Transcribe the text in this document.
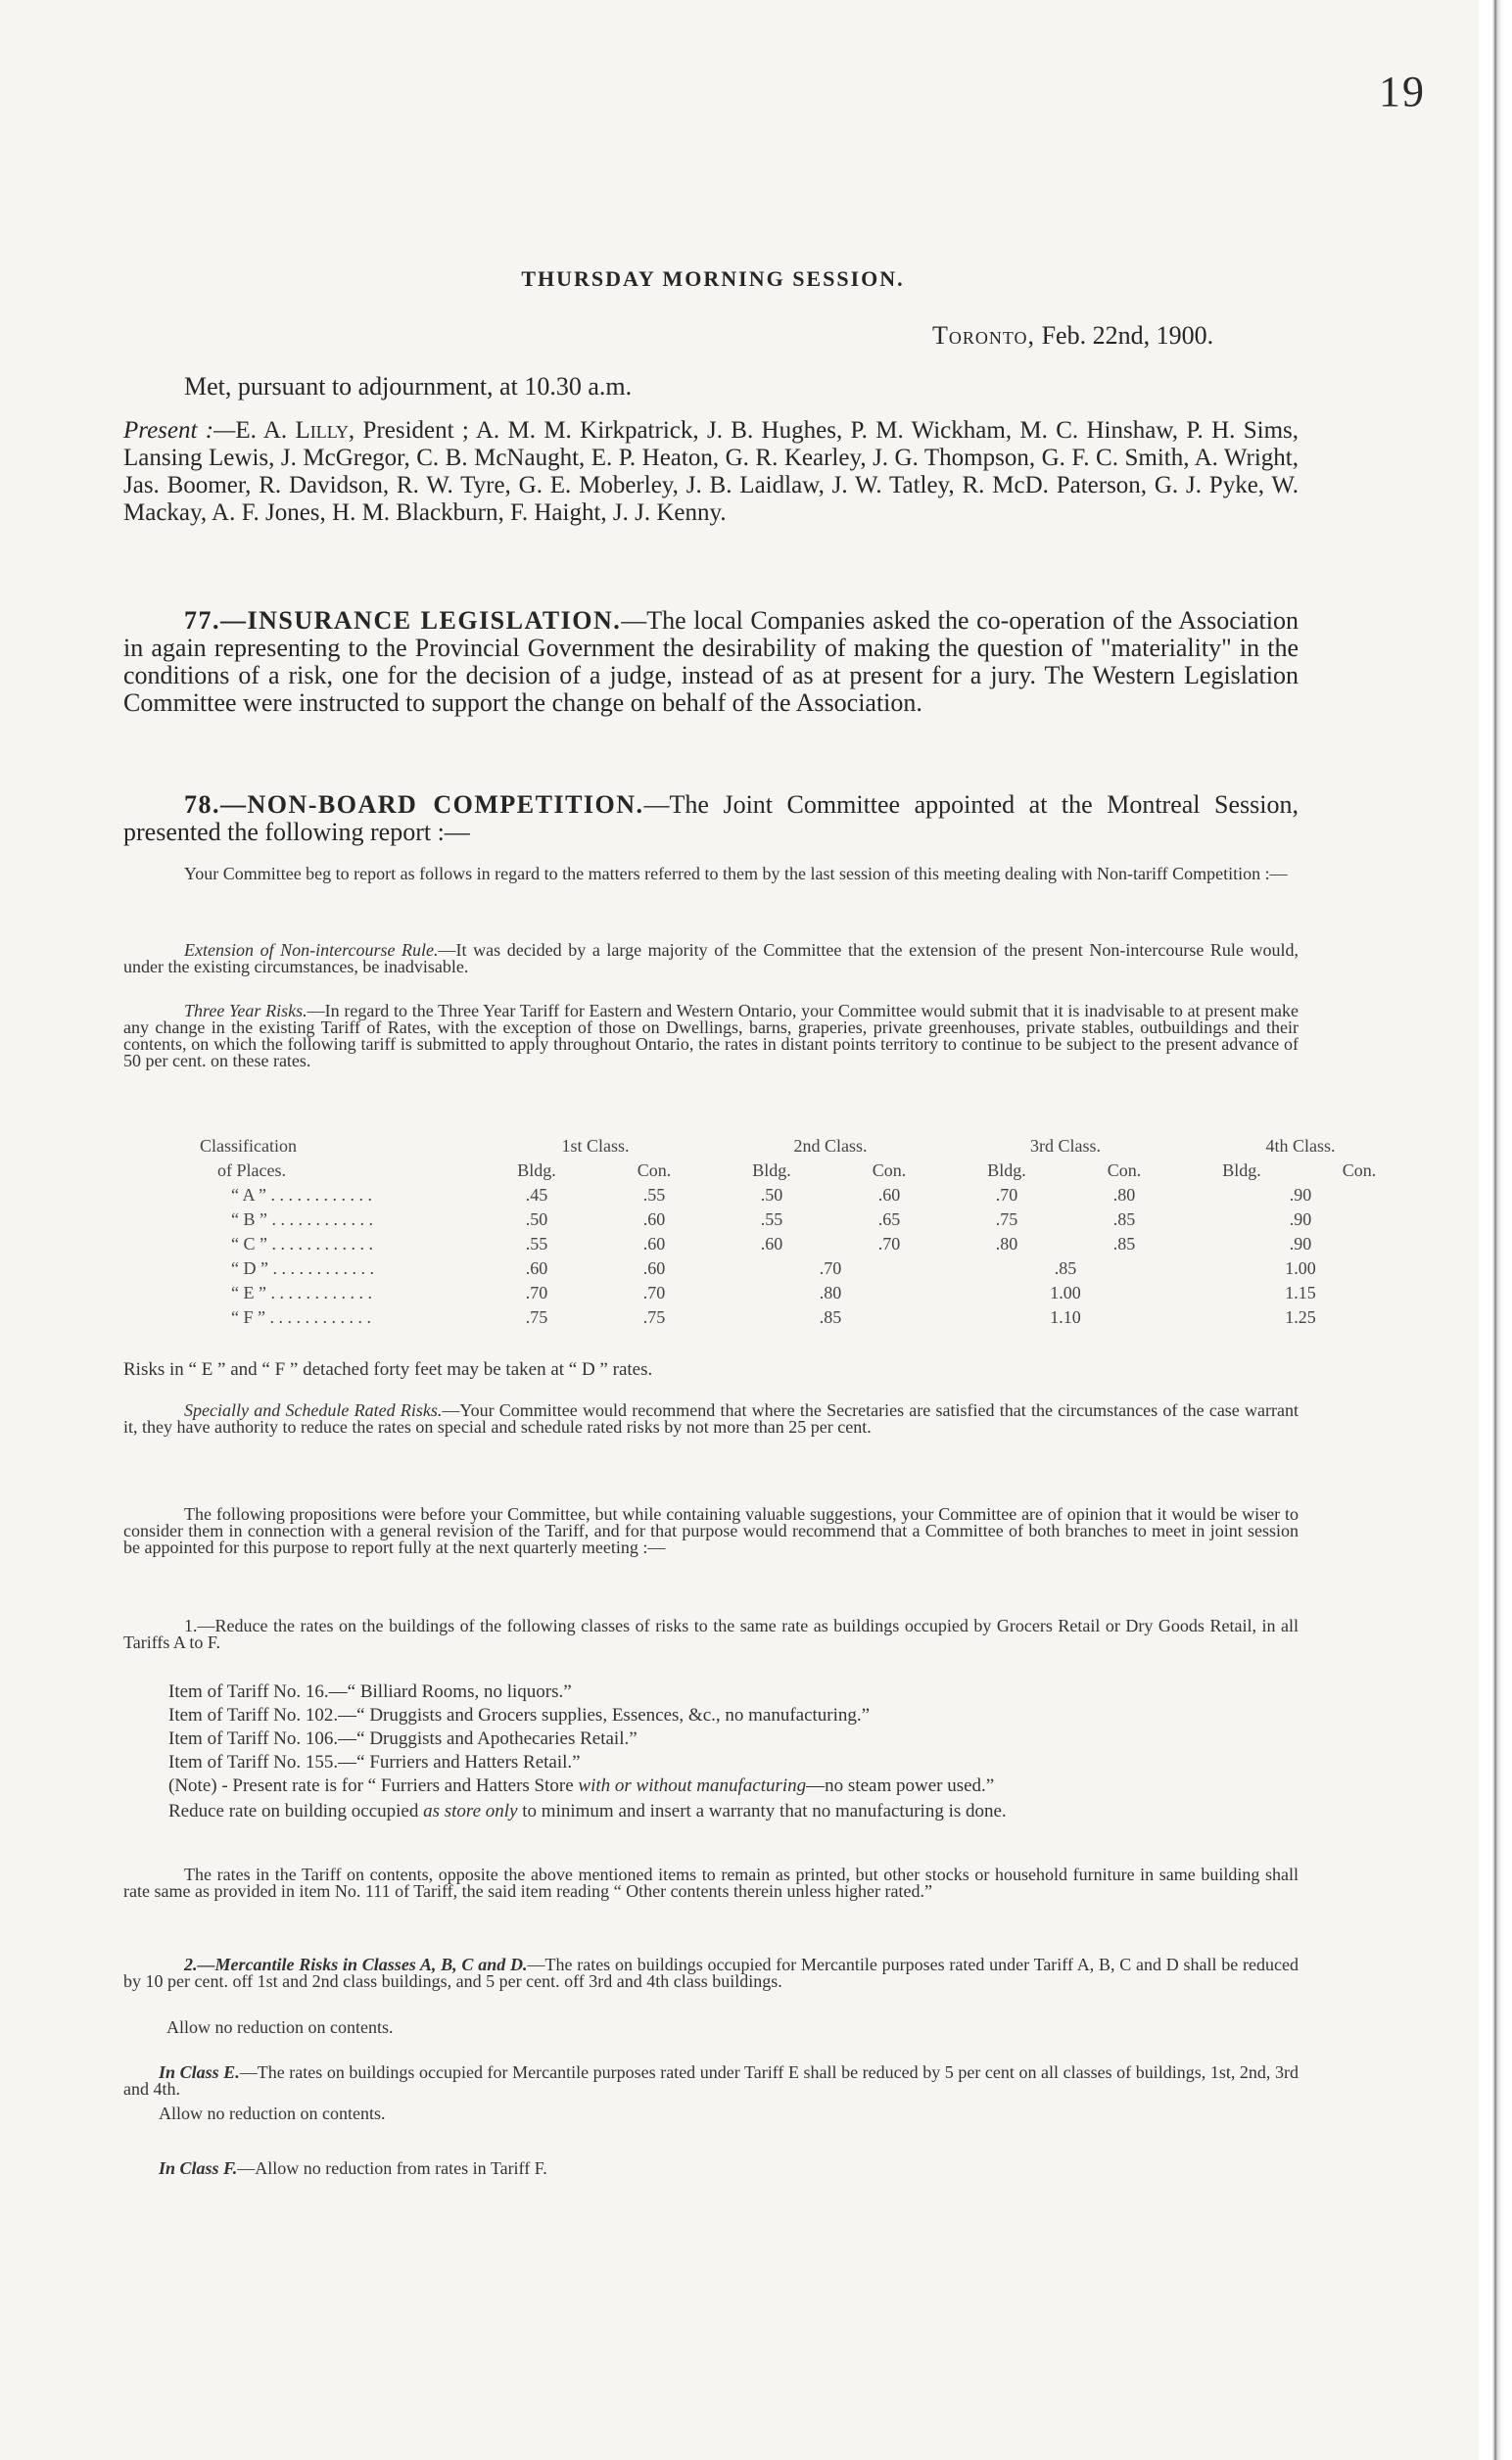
19
THURSDAY MORNING SESSION.
Toronto, Feb. 22nd, 1900.
Met, pursuant to adjournment, at 10.30 a.m.
Present :—E. A. Lilly, President ; A. M. M. Kirkpatrick, J. B. Hughes, P. M. Wickham, M. C. Hinshaw, P. H. Sims, Lansing Lewis, J. McGregor, C. B. McNaught, E. P. Heaton, G. R. Kearley, J. G. Thompson, G. F. C. Smith, A. Wright, Jas. Boomer, R. Davidson, R. W. Tyre, G. E. Moberley, J. B. Laidlaw, J. W. Tatley, R. McD. Paterson, G. J. Pyke, W. Mackay, A. F. Jones, H. M. Blackburn, F. Haight, J. J. Kenny.
77.—INSURANCE LEGISLATION.—The local Companies asked the co-operation of the Association in again representing to the Provincial Government the desirability of making the question of "materiality" in the conditions of a risk, one for the decision of a judge, instead of as at present for a jury. The Western Legislation Committee were instructed to support the change on behalf of the Association.
78.—NON-BOARD COMPETITION.—The Joint Committee appointed at the Montreal Session, presented the following report :—
Your Committee beg to report as follows in regard to the matters referred to them by the last session of this meeting dealing with Non-tariff Competition :—
Extension of Non-intercourse Rule.—It was decided by a large majority of the Committee that the extension of the present Non-intercourse Rule would, under the existing circumstances, be inadvisable.
Three Year Risks.—In regard to the Three Year Tariff for Eastern and Western Ontario, your Committee would submit that it is inadvisable to at present make any change in the existing Tariff of Rates, with the exception of those on Dwellings, barns, graperies, private greenhouses, private stables, outbuildings and their contents, on which the following tariff is submitted to apply throughout Ontario, the rates in distant points territory to continue to be subject to the present advance of 50 per cent. on these rates.
Classification	1st Class.		2nd Class.		3rd Class.		4th Class.	
of Places.	Bldg.	Con.	Bldg.	Con.	Bldg.	Con.	Bldg.	Con.
“ A ” . . . . . . . . . . . .	.45	.55	.50	.60	.70	.80	.90	
“ B ” . . . . . . . . . . . .	.50	.60	.55	.65	.75	.85	.90	
“ C ” . . . . . . . . . . . .	.55	.60	.60	.70	.80	.85	.90	
“ D ” . . . . . . . . . . . .	.60	.60	.70		.85		1.00	
“ E ” . . . . . . . . . . . .	.70	.70	.80		1.00		1.15	
“ F ” . . . . . . . . . . . .	.75	.75	.85		1.10		1.25	
Risks in “ E ” and “ F ” detached forty feet may be taken at “ D ” rates.
Specially and Schedule Rated Risks.—Your Committee would recommend that where the Secretaries are satisfied that the circumstances of the case warrant it, they have authority to reduce the rates on special and schedule rated risks by not more than 25 per cent.
The following propositions were before your Committee, but while containing valuable suggestions, your Committee are of opinion that it would be wiser to consider them in connection with a general revision of the Tariff, and for that purpose would recommend that a Committee of both branches to meet in joint session be appointed for this purpose to report fully at the next quarterly meeting :—
1.—Reduce the rates on the buildings of the following classes of risks to the same rate as buildings occupied by Grocers Retail or Dry Goods Retail, in all Tariffs A to F.
Item of Tariff No. 16.—“ Billiard Rooms, no liquors.”
Item of Tariff No. 102.—“ Druggists and Grocers supplies, Essences, &c., no manufacturing.”
Item of Tariff No. 106.—“ Druggists and Apothecaries Retail.”
Item of Tariff No. 155.—“ Furriers and Hatters Retail.”
(Note) - Present rate is for “ Furriers and Hatters Store with or without manufacturing—no steam power used.”
Reduce rate on building occupied as store only to minimum and insert a warranty that no manufacturing is done.
The rates in the Tariff on contents, opposite the above mentioned items to remain as printed, but other stocks or household furniture in same building shall rate same as provided in item No. 111 of Tariff, the said item reading “ Other contents therein unless higher rated.”
2.—Mercantile Risks in Classes A, B, C and D.—The rates on buildings occupied for Mercantile purposes rated under Tariff A, B, C and D shall be reduced by 10 per cent. off 1st and 2nd class buildings, and 5 per cent. off 3rd and 4th class buildings.
Allow no reduction on contents.
In Class E.—The rates on buildings occupied for Mercantile purposes rated under Tariff E shall be reduced by 5 per cent on all classes of buildings, 1st, 2nd, 3rd and 4th.
Allow no reduction on contents.
In Class F.—Allow no reduction from rates in Tariff F.
